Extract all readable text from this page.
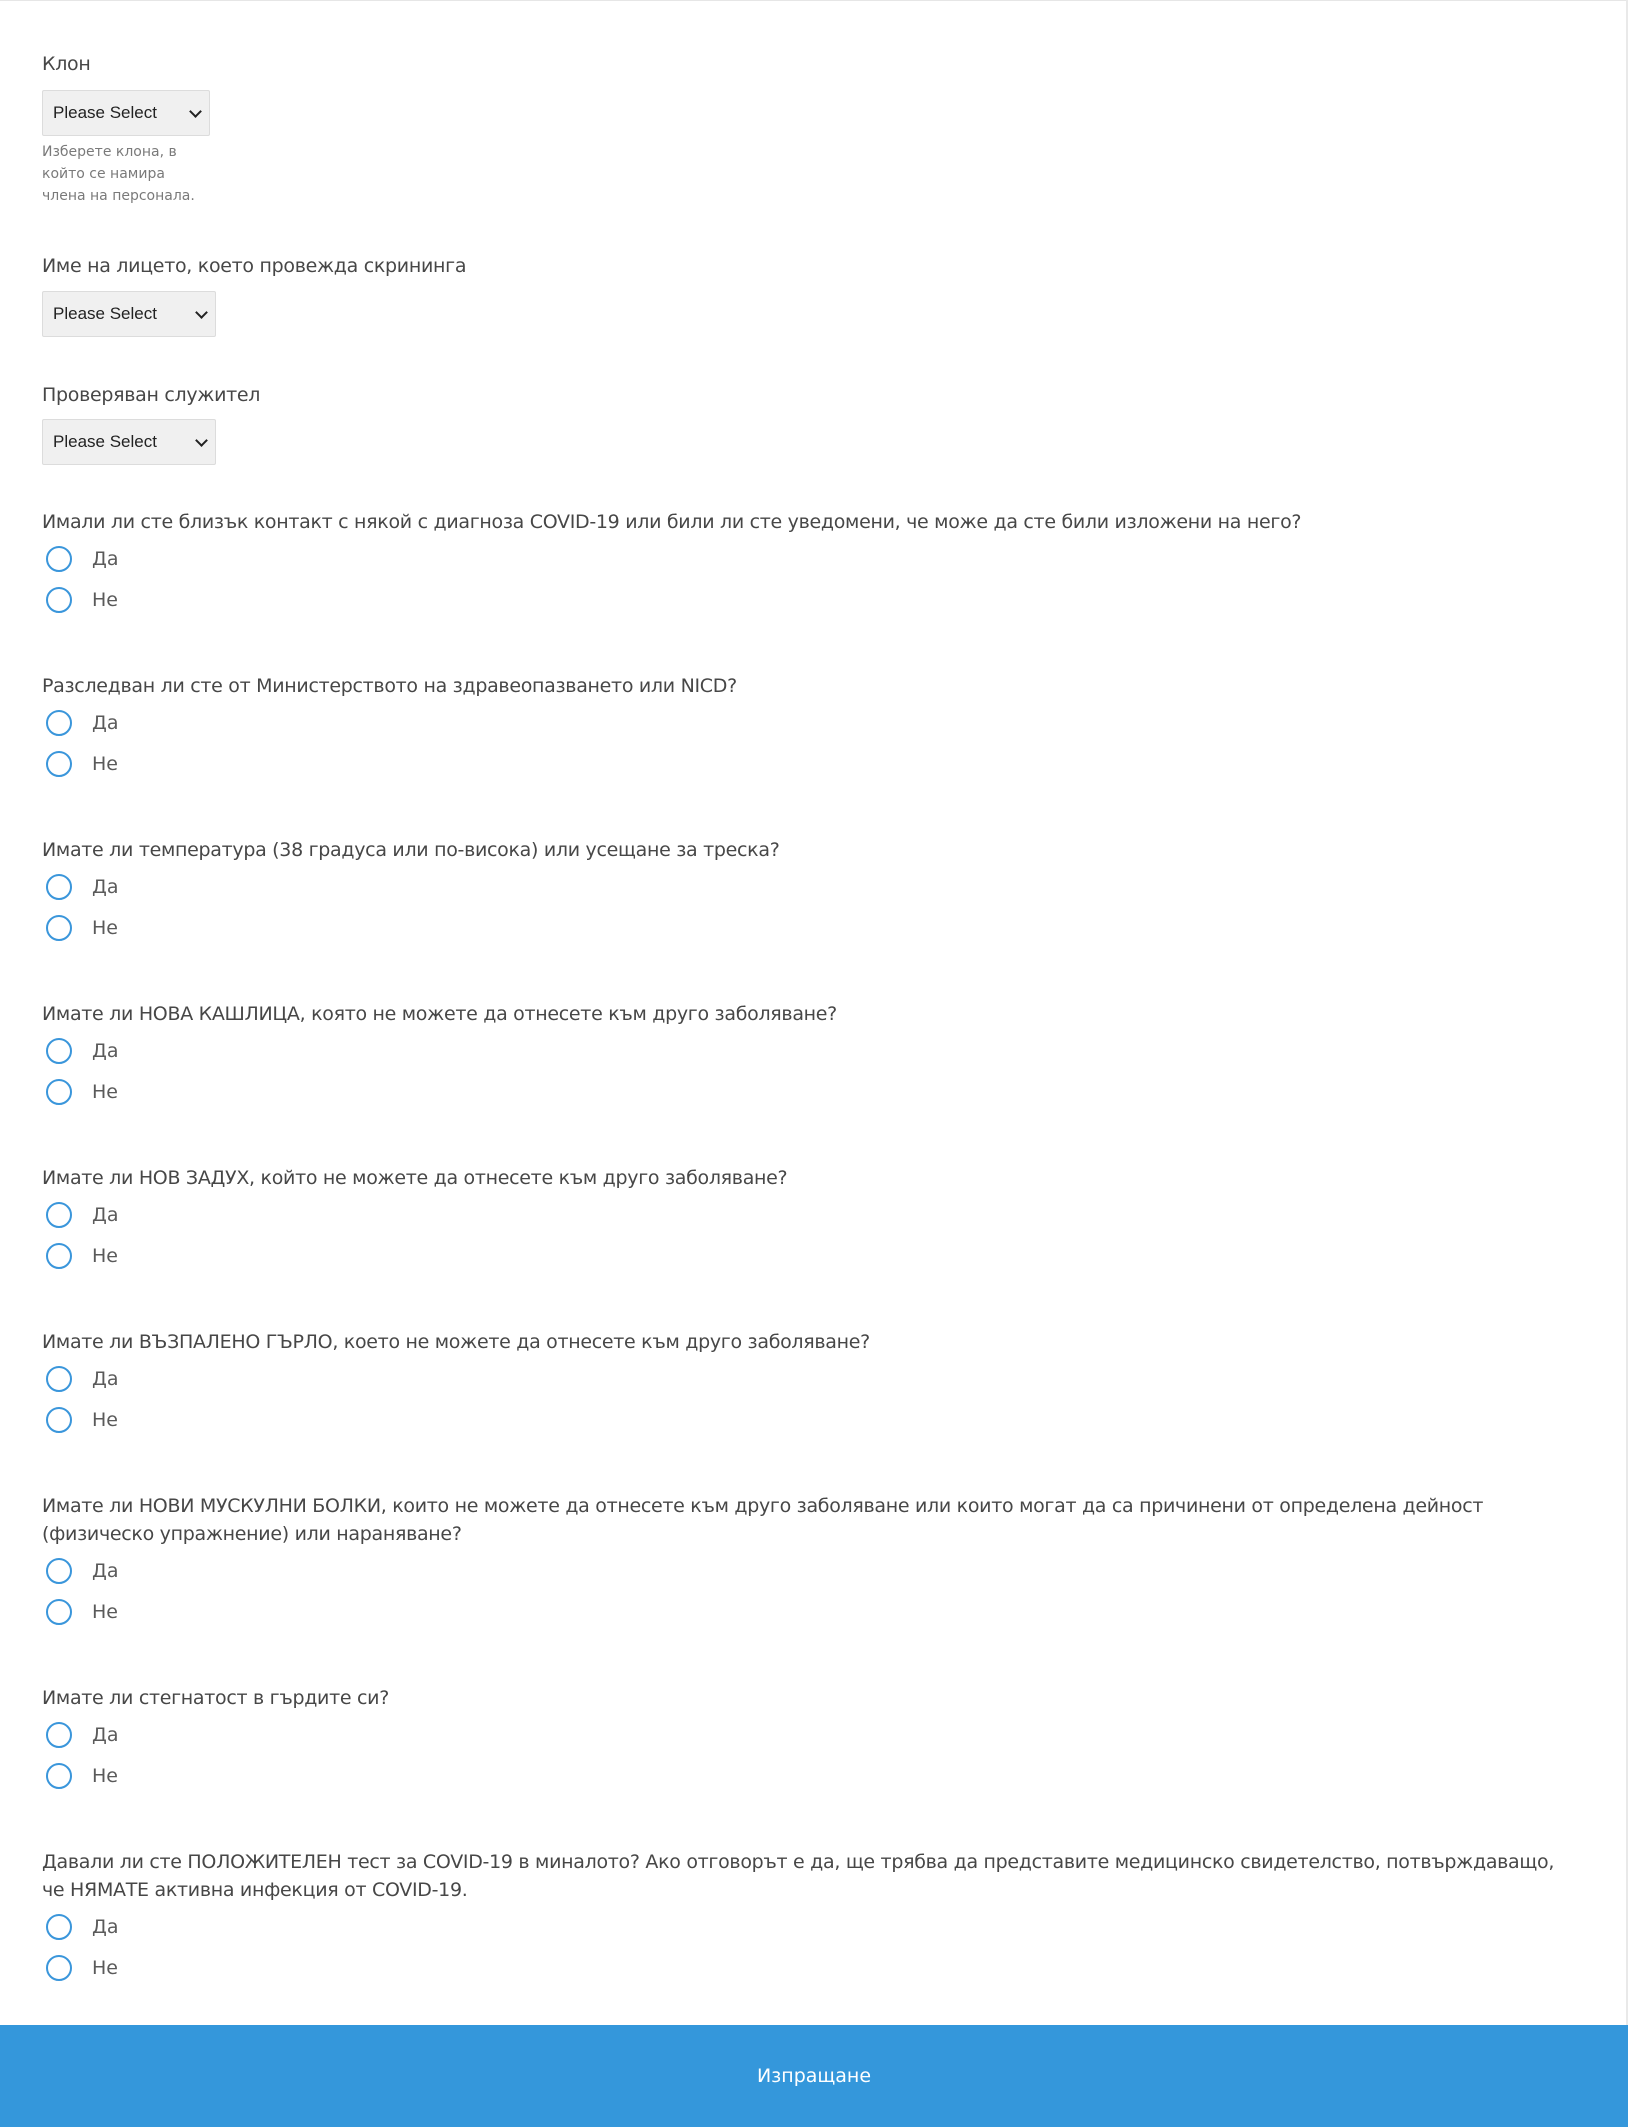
Клон
Please Select
Изберете клона, в който се намира члена на персонала.
Име на лицето, което провежда скрининга
Please Select
Проверяван служител
Please Select
Имали ли сте близък контакт с някой с диагноза COVID-19 или били ли сте уведомени, че може да сте били изложени на него?
Да
Не
Разследван ли сте от Министерството на здравеопазването или NICD?
Да
Не
Имате ли температура (38 градуса или по-висока) или усещане за треска?
Да
Не
Имате ли НОВА КАШЛИЦА, която не можете да отнесете към друго заболяване?
Да
Не
Имате ли НОВ ЗАДУХ, който не можете да отнесете към друго заболяване?
Да
Не
Имате ли ВЪЗПАЛЕНО ГЪРЛО, което не можете да отнесете към друго заболяване?
Да
Не
Имате ли НОВИ МУСКУЛНИ БОЛКИ, които не можете да отнесете към друго заболяване или които могат да са причинени от определена дейност (физическо упражнение) или нараняване?
Да
Не
Имате ли стегнатост в гърдите си?
Да
Не
Давали ли сте ПОЛОЖИТЕЛЕН тест за COVID-19 в миналото? Ако отговорът е да, ще трябва да представите медицинско свидетелство, потвърждаващо, че НЯМАТЕ активна инфекция от COVID-19.
Да
Не
Изпращане
